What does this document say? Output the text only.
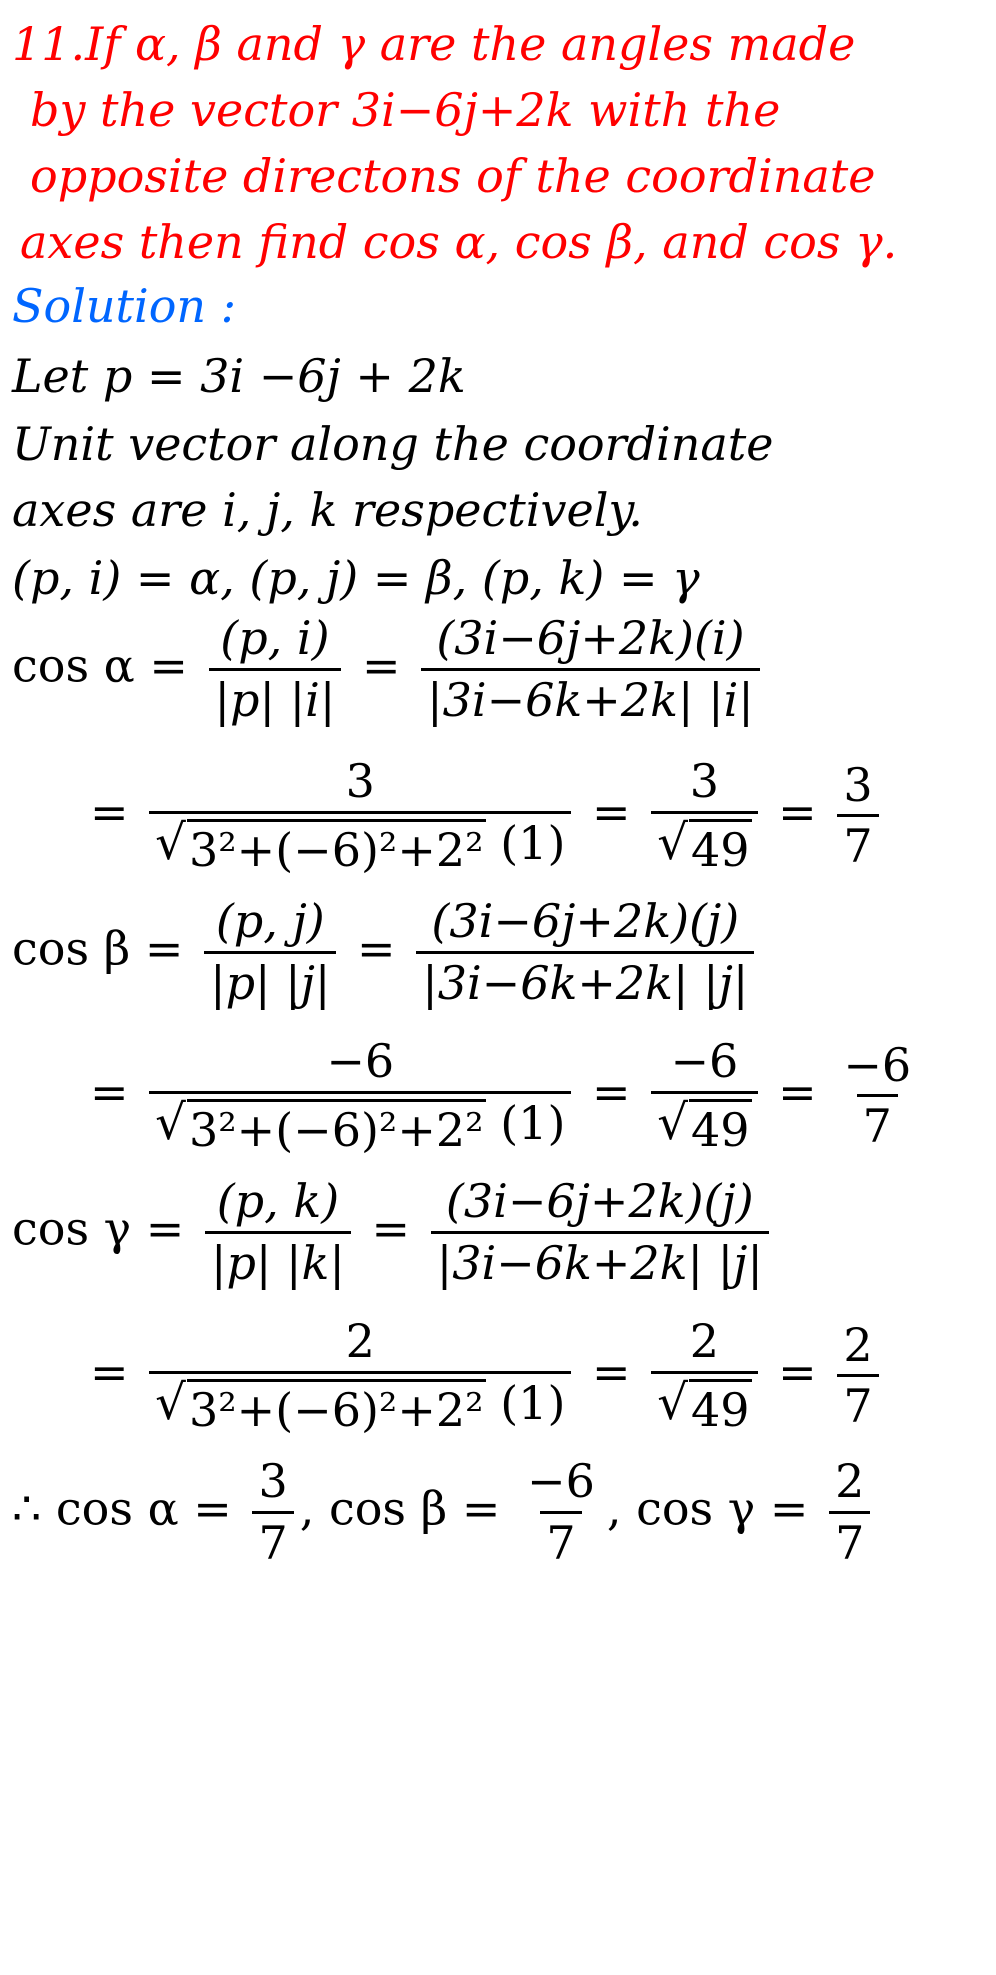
11.If α, β and γ are the angles made
by the vector 3i−6j+2k with the
opposite directons of the coordinate
axes then find cos α, cos β, and cos γ.
Solution :
Let p = 3i −6j + 2k
Unit vector along the coordinate
axes are i, j, k respectively.
(p, i) = α, (p, j) = β, (p, k) = γ
$\cos \alpha = \frac{(p, i)}{|p| |i|} = \frac{(3i-6j+2k)(i)}{|3i-6k+2k| |i|}$
= $\frac{3}{\text{√ 3²+(−6)²+2² (1)}} = \frac{3}{√ 49} = \frac{3}{7}$
$\cos \beta = \frac{(p, j)}{|p| |j|} = \frac{(3i-6j+2k)(j)}{|3i-6k+2k| |j|}$
= $\frac{-6}{\text{√ 3²+(−6)²+2² (1)}} = \frac{-6}{√ 49} = \frac{-6}{7}$
$\cos \gamma = \frac{(p, k)}{|p| |k|} = \frac{(3i-6j+2k)(j)}{|3i-6k+2k| |j|}$
= $\frac{2}{\text{√ 3²+(−6)²+2² (1)}} = \frac{2}{√ 49} = \frac{2}{7}$
∴ $\cos \alpha = \frac{3}{7}$ , $\cos \beta = \frac{-6}{7}$ , $\cos \gamma = \frac{2}{7}$
